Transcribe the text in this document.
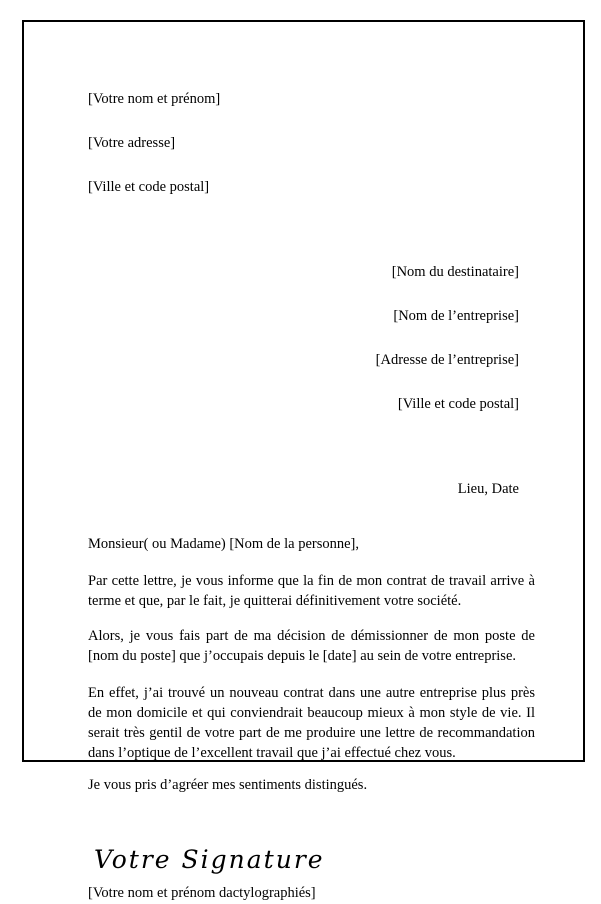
[Votre nom et prénom]

[Votre adresse]

[Ville et code postal]

[Nom du destinataire]

[Nom de l’entreprise]

[Adresse de l’entreprise]

[Ville et code postal]

Lieu, Date
Monsieur( ou Madame) [Nom de la personne],

Par cette lettre, je vous informe que la fin de mon contrat de travail arrive à terme et que, par le fait, je quitterai définitivement votre société.

Alors, je vous fais part de ma décision de démissionner de mon poste de [nom du poste] que j’occupais depuis le [date] au sein de votre entreprise.

En effet, j’ai trouvé un nouveau contrat dans une autre entreprise plus près de mon domicile et qui conviendrait beaucoup mieux à mon style de vie. Il serait très gentil de votre part de me produire une lettre de recommandation dans l’optique de l’excellent travail que j’ai effectué chez vous.

Je vous pris d’agréer mes sentiments distingués.

Votre Signature
[Votre nom et prénom dactylographiés]
